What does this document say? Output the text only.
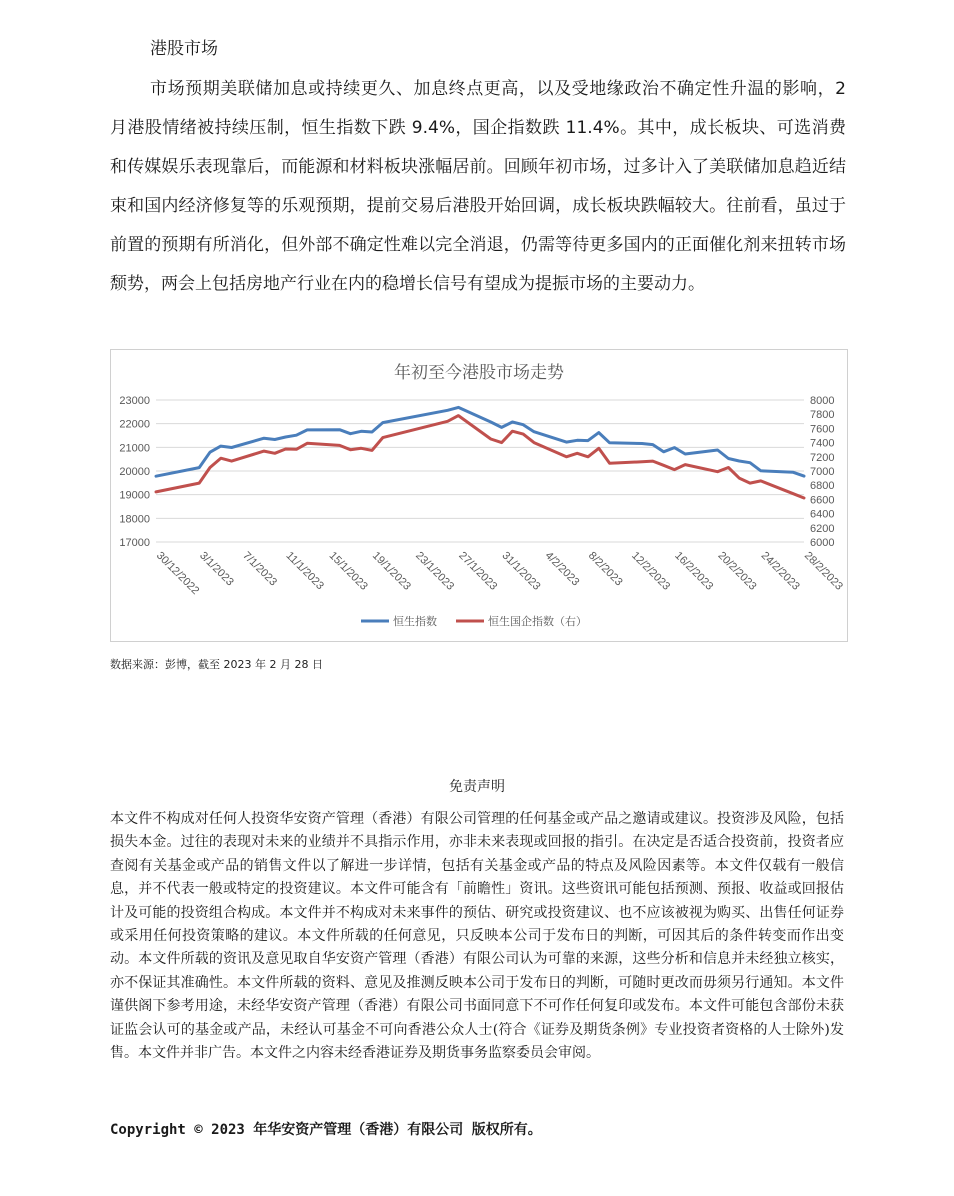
港股市场
市场预期美联储加息或持续更久、加息终点更高，以及受地缘政治不确定性升温的影响，2 月港股情绪被持续压制，恒生指数下跌 9.4%，国企指数跌 11.4%。其中，成长板块、可选消费和传媒娱乐表现靠后，而能源和材料板块涨幅居前。回顾年初市场，过多计入了美联储加息趋近结束和国内经济修复等的乐观预期，提前交易后港股开始回调，成长板块跌幅较大。往前看，虽过于前置的预期有所消化，但外部不确定性难以完全消退，仍需等待更多国内的正面催化剂来扭转市场颓势，两会上包括房地产行业在内的稳增长信号有望成为提振市场的主要动力。
年初至今港股市场走势
17000
18000
19000
20000
21000
22000
23000
6000
6200
6400
6600
6800
7000
7200
7400
7600
7800
8000
30/12/2022
3/1/2023 7/1/2023 11/1/2023 15/1/2023 19/1/2023 23/1/2023 27/1/2023 31/1/2023 4/2/2023 8/2/2023 12/2/2023 16/2/2023 20/2/2023 24/2/2023 28/2/2023
恒生指数	恒生国企指数（右）
数据来源：彭博，截至 2023 年 2 月 28 日
免责声明
本文件不构成对任何人投资华安资产管理（香港）有限公司管理的任何基金或产品之邀请或建议。投资涉及风险，包括损失本金。过往的表现对未来的业绩并不具指示作用，亦非未来表现或回报的指引。在决定是否适合投资前，投资者应查阅有关基金或产品的销售文件以了解进一步详情，包括有关基金或产品的特点及风险因素等。本文件仅载有一般信息，并不代表一般或特定的投资建议。本文件可能含有「前瞻性」资讯。这些资讯可能包括预测、预报、收益或回报估计及可能的投资组合构成。本文件并不构成对未来事件的预估、研究或投资建议、也不应该被视为购买、出售任何证券或采用任何投资策略的建议。本文件所载的任何意见，只反映本公司于发布日的判断，可因其后的条件转变而作出变动。本文件所载的资讯及意见取自华安资产管理（香港）有限公司认为可靠的来源，这些分析和信息并未经独立核实，亦不保证其准确性。本文件所载的资料、意见及推测反映本公司于发布日的判断，可随时更改而毋须另行通知。本文件谨供阁下参考用途，未经华安资产管理（香港）有限公司书面同意下不可作任何复印或发布。本文件可能包含部份未获证监会认可的基金或产品，未经认可基金不可向香港公众人士(符合《证券及期货条例》专业投资者资格的人士除外)发售。本文件并非广告。本文件之内容未经香港证券及期货事务监察委员会审阅。
Copyright © 2023 年华安资产管理（香港）有限公司 版权所有。
